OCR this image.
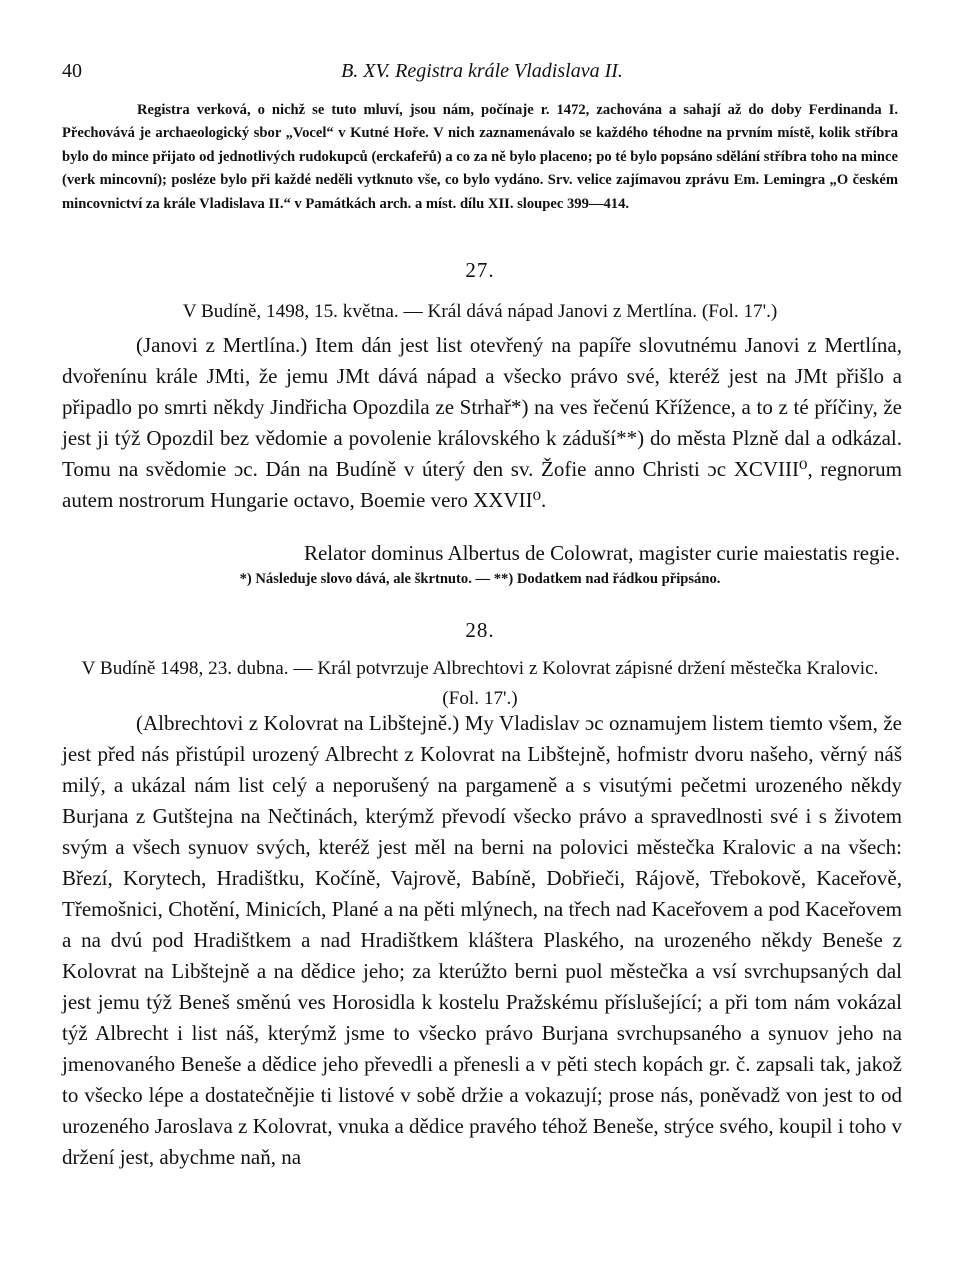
40	B. XV. Registra krále Vladislava II.
Registra verková, o nichž se tuto mluví, jsou nám, počínaje r. 1472, zachována a sahají až do doby Ferdinanda I. Přechovává je archaeologický sbor „Vocel“ v Kutné Hoře. V nich zaznamenávalo se každého téhodne na prvním místě, kolik stříbra bylo do mince přijato od jednotlivých rudokupců (erckafeřů) a co za ně bylo placeno; po té bylo popsáno sdělání stříbra toho na mince (verk mincovní); posléze bylo při každé neděli vytknuto vše, co bylo vydáno. Srv. velice zajímavou zprávu Em. Lemingra „O českém mincovnictví za krále Vladislava II.“ v Památkách arch. a míst. dílu XII. sloupec 399—414.
27.
V Budíně, 1498, 15. května. — Král dává nápad Janovi z Mertlína. (Fol. 17'.)

(Janovi z Mertlína.) Item dán jest list otevřený na papíře slovutnému Janovi z Mertlína, dvořenínu krále JMti, že jemu JMt dává nápad a všecko právo své, kteréž jest na JMt přišlo a připadlo po smrti někdy Jindřicha Opozdila ze Strhař*) na ves řečenú Křížence, a to z té příčiny, že jest ji týž Opozdil bez vědomie a povolenie královského k záduší**) do města Plzně dal a odkázal. Tomu na svědomie ɔc. Dán na Budíně v úterý den sv. Žofie anno Christi ɔc XCVIII⁰, regnorum autem nostrorum Hungarie octavo, Boemie vero XXVII⁰.

Relator dominus Albertus de Colowrat, magister curie maiestatis regie.
*) Následuje slovo dává, ale škrtnuto. — **) Dodatkem nad řádkou připsáno.
28.
V Budíně 1498, 23. dubna. — Král potvrzuje Albrechtovi z Kolovrat zápisné držení městečka Kralovic. (Fol. 17'.)

(Albrechtovi z Kolovrat na Libštejně.) My Vladislav ɔc oznamujem listem tiemto všem, že jest před nás přistúpil urozený Albrecht z Kolovrat na Libštejně, hofmistr dvoru našeho, věrný náš milý, a ukázal nám list celý a neporušený na pargameně a s visutými pečetmi urozeného někdy Burjana z Gutštejna na Nečtinách, kterýmž převodí všecko právo a spravedlnosti své i s životem svým a všech synuov svých, kteréž jest měl na berni na polovici městečka Kralovic a na všech: Březí, Korytech, Hradištku, Kočíně, Vajrově, Babíně, Dobřieči, Rájově, Třebokově, Kaceřově, Třemošnici, Chotění, Minicích, Plané a na pěti mlýnech, na třech nad Kaceřovem a pod Kaceřovem a na dvú pod Hradištkem a nad Hradištkem kláštera Plaského, na urozeného někdy Beneše z Kolovrat na Libštejně a na dědice jeho; za kterúžto berni puol městečka a vsí svrchupsaných dal jest jemu týž Beneš směnú ves Horosidla k kostelu Pražskému příslušející; a při tom nám vokázal týž Albrecht i list náš, kterýmž jsme to všecko právo Burjana svrchupsaného a synuov jeho na jmenovaného Beneše a dědice jeho převedli a přenesli a v pěti stech kopách gr. č. zapsali tak, jakož to všecko lépe a dostatečnějie ti listové v sobě držie a vokazují; prose nás, poněvadž von jest to od urozeného Jaroslava z Kolovrat, vnuka a dědice pravého téhož Beneše, strýce svého, koupil i toho v držení jest, abychme naň, na
